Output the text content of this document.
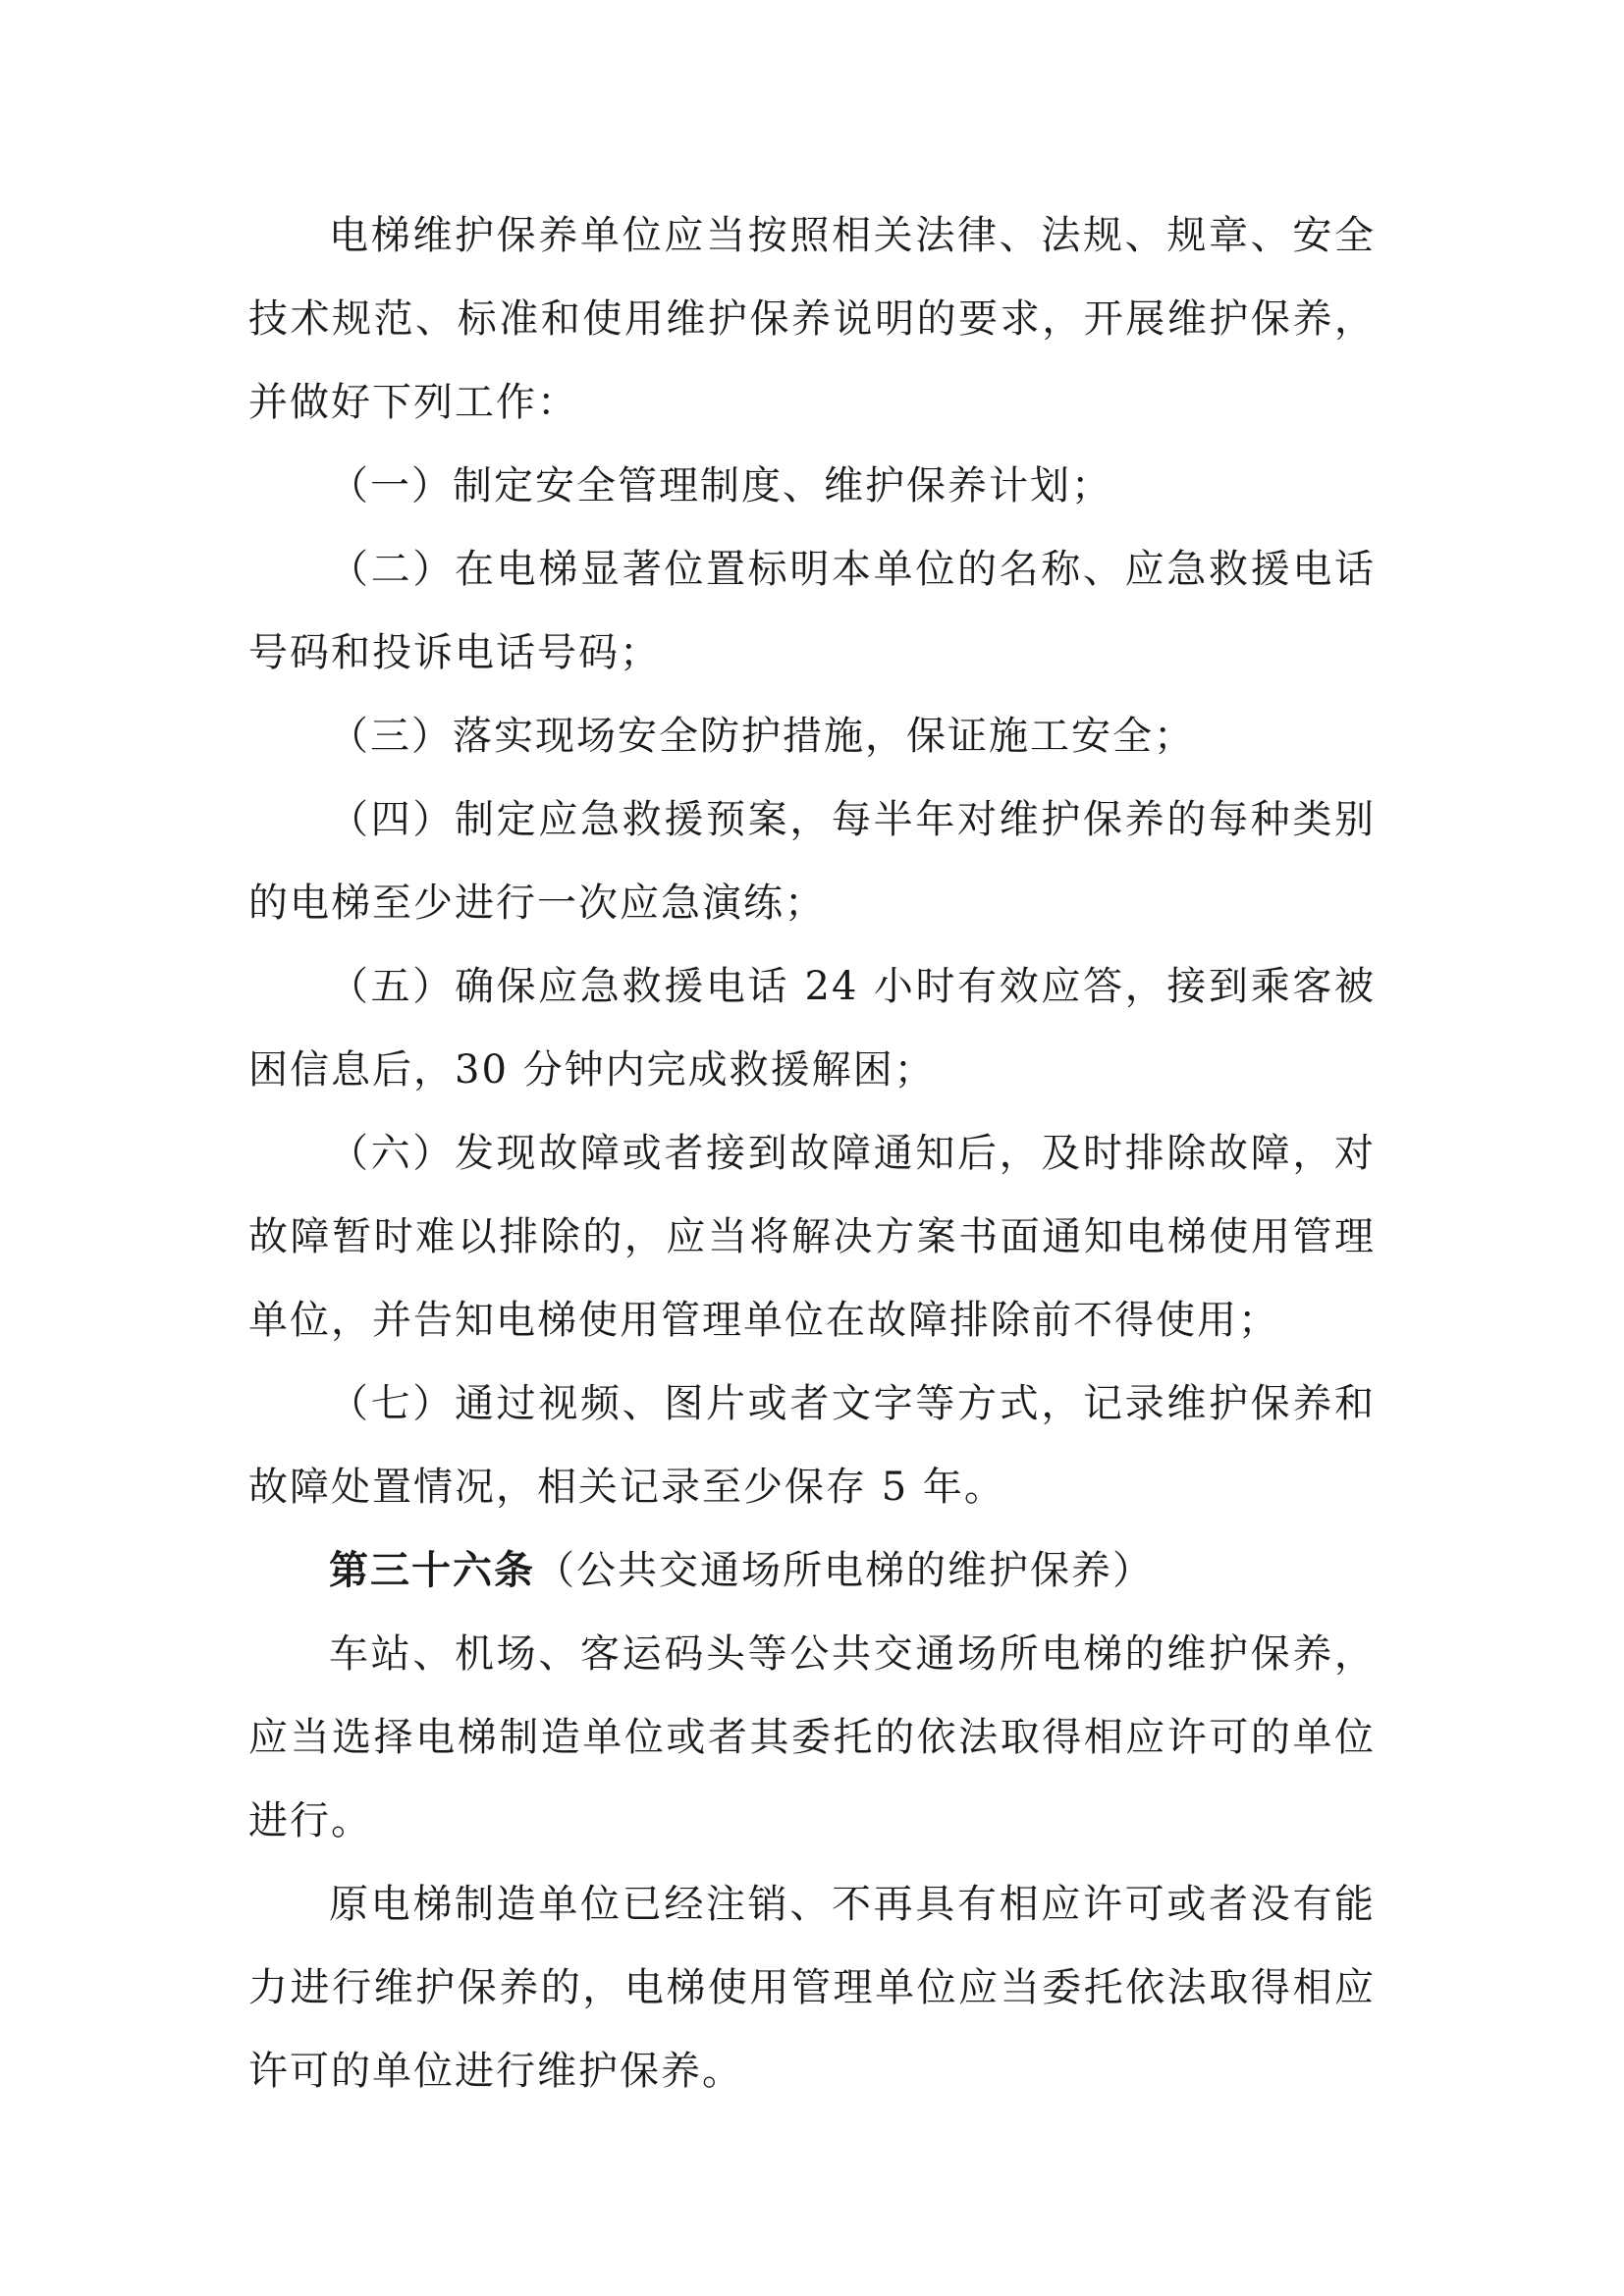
电梯维护保养单位应当按照相关法律、法规、规章、安全技术规范、标准和使用维护保养说明的要求，开展维护保养，并做好下列工作：

（一）制定安全管理制度、维护保养计划；

（二）在电梯显著位置标明本单位的名称、应急救援电话号码和投诉电话号码；

（三）落实现场安全防护措施，保证施工安全；

（四）制定应急救援预案，每半年对维护保养的每种类别的电梯至少进行一次应急演练；

（五）确保应急救援电话 24 小时有效应答，接到乘客被困信息后，30 分钟内完成救援解困；

（六）发现故障或者接到故障通知后，及时排除故障，对故障暂时难以排除的，应当将解决方案书面通知电梯使用管理单位，并告知电梯使用管理单位在故障排除前不得使用；

（七）通过视频、图片或者文字等方式，记录维护保养和故障处置情况，相关记录至少保存 5 年。

第三十六条（公共交通场所电梯的维护保养）

车站、机场、客运码头等公共交通场所电梯的维护保养，应当选择电梯制造单位或者其委托的依法取得相应许可的单位进行。

原电梯制造单位已经注销、不再具有相应许可或者没有能力进行维护保养的，电梯使用管理单位应当委托依法取得相应许可的单位进行维护保养。
